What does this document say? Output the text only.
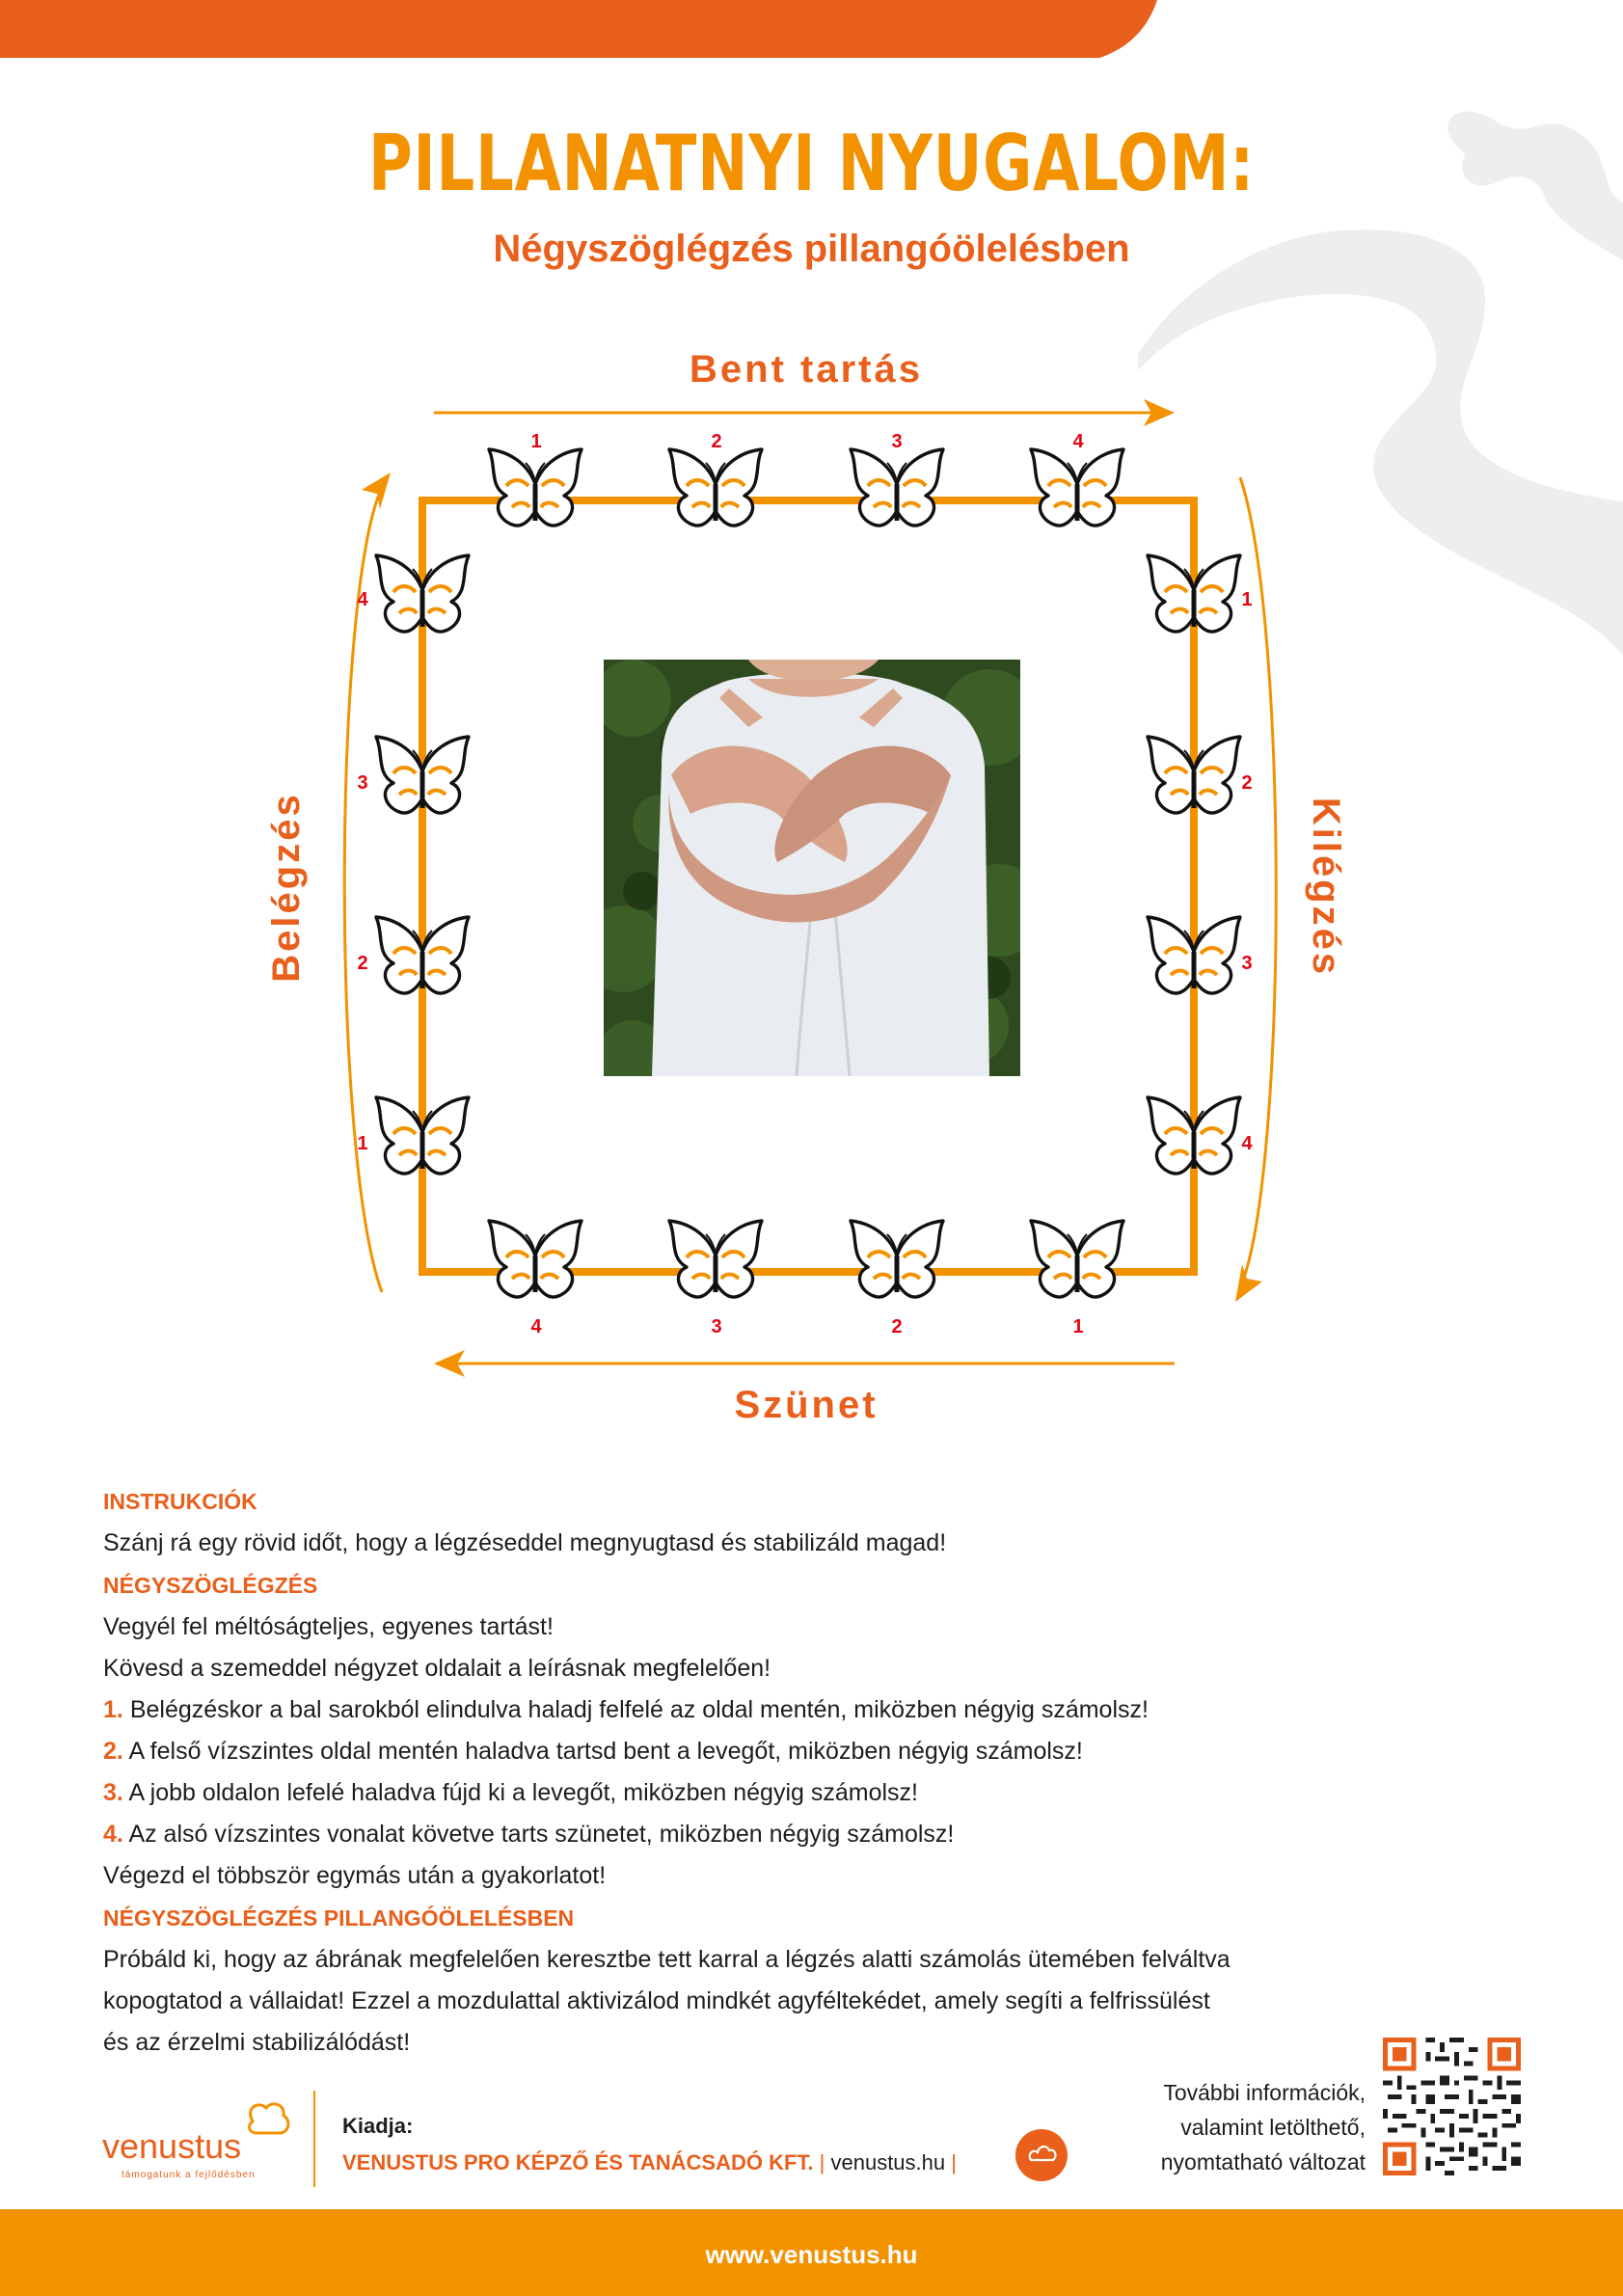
PILLANATNYI NYUGALOM:
Négyszöglégzés pillangóölelésben
Bent tartás
Szünet
Belégzés	Kilégzés
1	2	3	4
4	3	2	1
4
3
2
1
1
2
3
4
INSTRUKCIÓK
Szánj rá egy rövid időt, hogy a légzéseddel megnyugtasd és stabilizáld magad!
NÉGYSZÖGLÉGZÉS
Vegyél fel méltóságteljes, egyenes tartást!
Kövesd a szemeddel négyzet oldalait a leírásnak megfelelően!
1. Belégzéskor a bal sarokból elindulva haladj felfelé az oldal mentén, miközben négyig számolsz!
2. A felső vízszintes oldal mentén haladva tartsd bent a levegőt, miközben négyig számolsz!
3. A jobb oldalon lefelé haladva fújd ki a levegőt, miközben négyig számolsz!
4. Az alsó vízszintes vonalat követve tarts szünetet, miközben négyig számolsz!
Végezd el többször egymás után a gyakorlatot!
NÉGYSZÖGLÉGZÉS PILLANGÓÖLELÉSBEN
Próbáld ki, hogy az ábrának megfelelően keresztbe tett karral a légzés alatti számolás ütemében felváltva
kopogtatod a vállaidat! Ezzel a mozdulattal aktivizálod mindkét agyféltekédet, amely segíti a felfrissülést
és az érzelmi stabilizálódást!
venustus
támogatunk a fejlődésben
Kiadja:
VENUSTUS PRO KÉPZŐ ÉS TANÁCSADÓ KFT. | venustus.hu |
További információk,
valamint letölthető,
nyomtatható változat
www.venustus.hu
